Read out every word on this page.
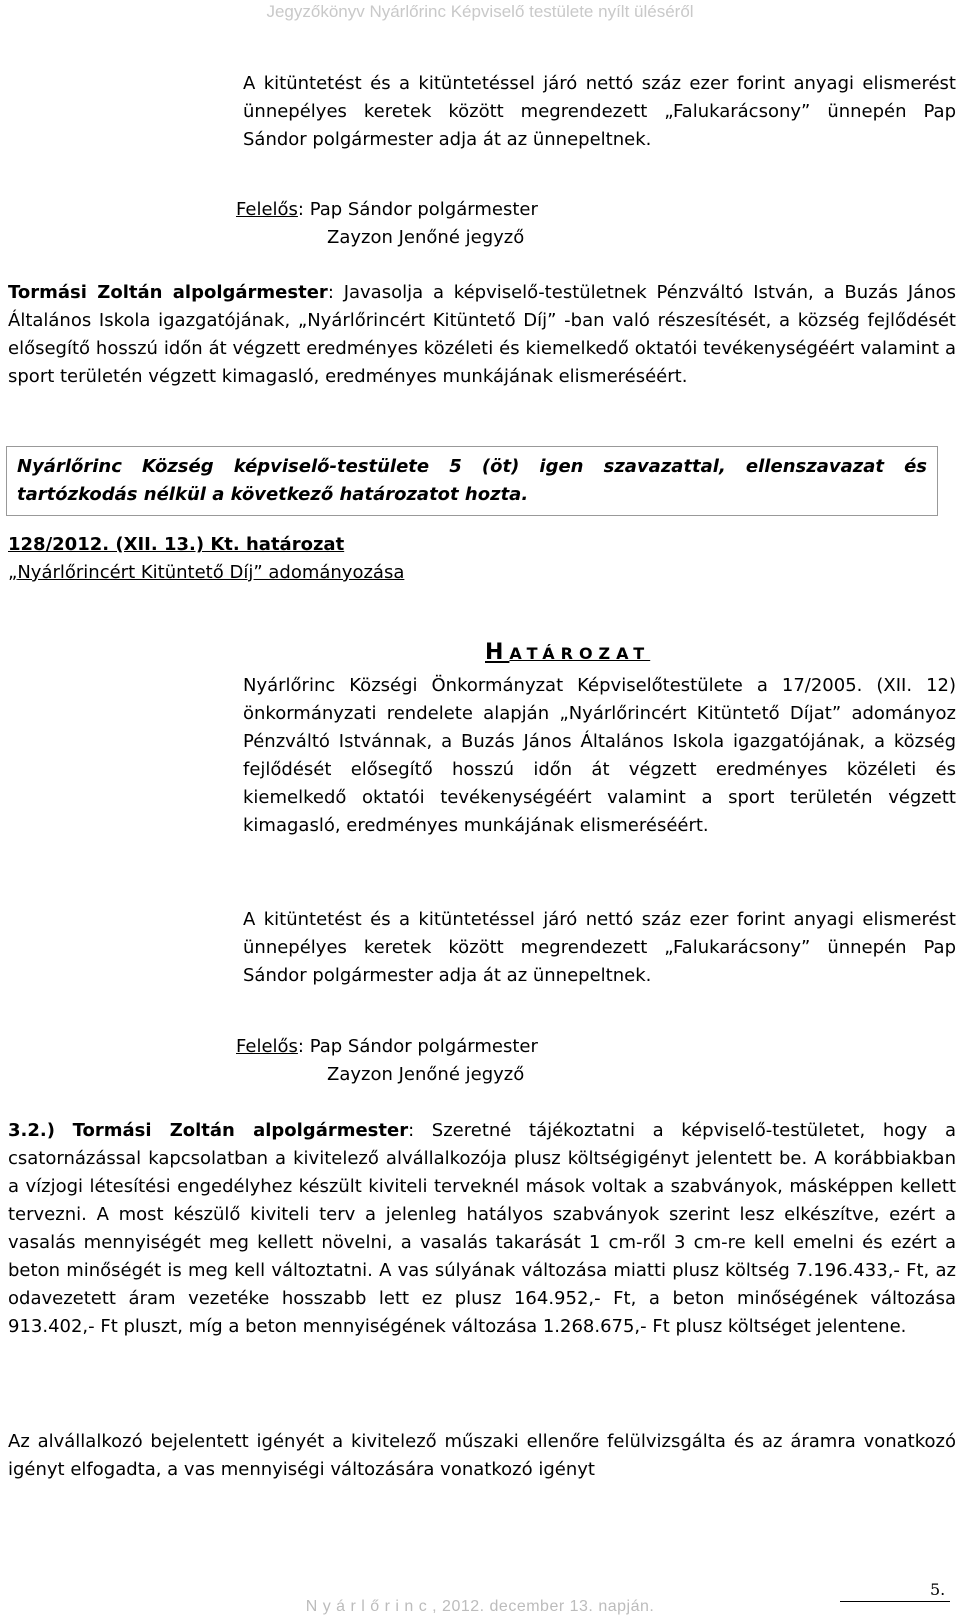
Jegyzőkönyv Nyárlőrinc Képviselő testülete nyílt üléséről
A kitüntetést és a kitüntetéssel járó nettó száz ezer forint anyagi elismerést ünnepélyes keretek között megrendezett „Falukarácsony” ünnepén Pap Sándor polgármester adja át az ünnepeltnek.
Felelős: Pap Sándor polgármester
Zayzon Jenőné jegyző
Tormási Zoltán alpolgármester: Javasolja a képviselő-testületnek Pénzváltó István, a Buzás János Általános Iskola igazgatójának, „Nyárlőrincért Kitüntető Díj” -ban való részesítését, a község fejlődését elősegítő hosszú időn át végzett eredményes közéleti és kiemelkedő oktatói tevékenységéért valamint a sport területén végzett kimagasló, eredményes munkájának elismeréséért.
Nyárlőrinc Község képviselő-testülete 5 (öt) igen szavazattal, ellenszavazat és tartózkodás nélkül a következő határozatot hozta.
128/2012. (XII. 13.) Kt. határozat
„Nyárlőrincért Kitüntető Díj” adományozása
HATÁROZAT
Nyárlőrinc Községi Önkormányzat Képviselőtestülete a 17/2005. (XII. 12) önkormányzati rendelete alapján „Nyárlőrincért Kitüntető Díjat” adományoz Pénzváltó Istvánnak, a Buzás János Általános Iskola igazgatójának, a község fejlődését elősegítő hosszú időn át végzett eredményes közéleti és kiemelkedő oktatói tevékenységéért valamint a sport területén végzett kimagasló, eredményes munkájának elismeréséért.
A kitüntetést és a kitüntetéssel járó nettó száz ezer forint anyagi elismerést ünnepélyes keretek között megrendezett „Falukarácsony” ünnepén Pap Sándor polgármester adja át az ünnepeltnek.
Felelős: Pap Sándor polgármester
Zayzon Jenőné jegyző
3.2.) Tormási Zoltán alpolgármester: Szeretné tájékoztatni a képviselő-testületet, hogy a csatornázással kapcsolatban a kivitelező alvállalkozója plusz költségigényt jelentett be. A korábbiakban a vízjogi létesítési engedélyhez készült kiviteli terveknél mások voltak a szabványok, másképpen kellett tervezni. A most készülő kiviteli terv a jelenleg hatályos szabványok szerint lesz elkészítve, ezért a vasalás mennyiségét meg kellett növelni, a vasalás takarását 1 cm-ről 3 cm-re kell emelni és ezért a beton minőségét is meg kell változtatni. A vas súlyának változása miatti plusz költség 7.196.433,- Ft, az odavezetett áram vezetéke hosszabb lett ez plusz 164.952,- Ft, a beton minőségének változása 913.402,- Ft pluszt, míg a beton mennyiségének változása 1.268.675,- Ft plusz költséget jelentene.
Az alvállalkozó bejelentett igényét a kivitelező műszaki ellenőre felülvizsgálta és az áramra vonatkozó igényt elfogadta, a vas mennyiségi változására vonatkozó igényt
5.
N y á r l ő r i n c , 2012. december 13. napján.
